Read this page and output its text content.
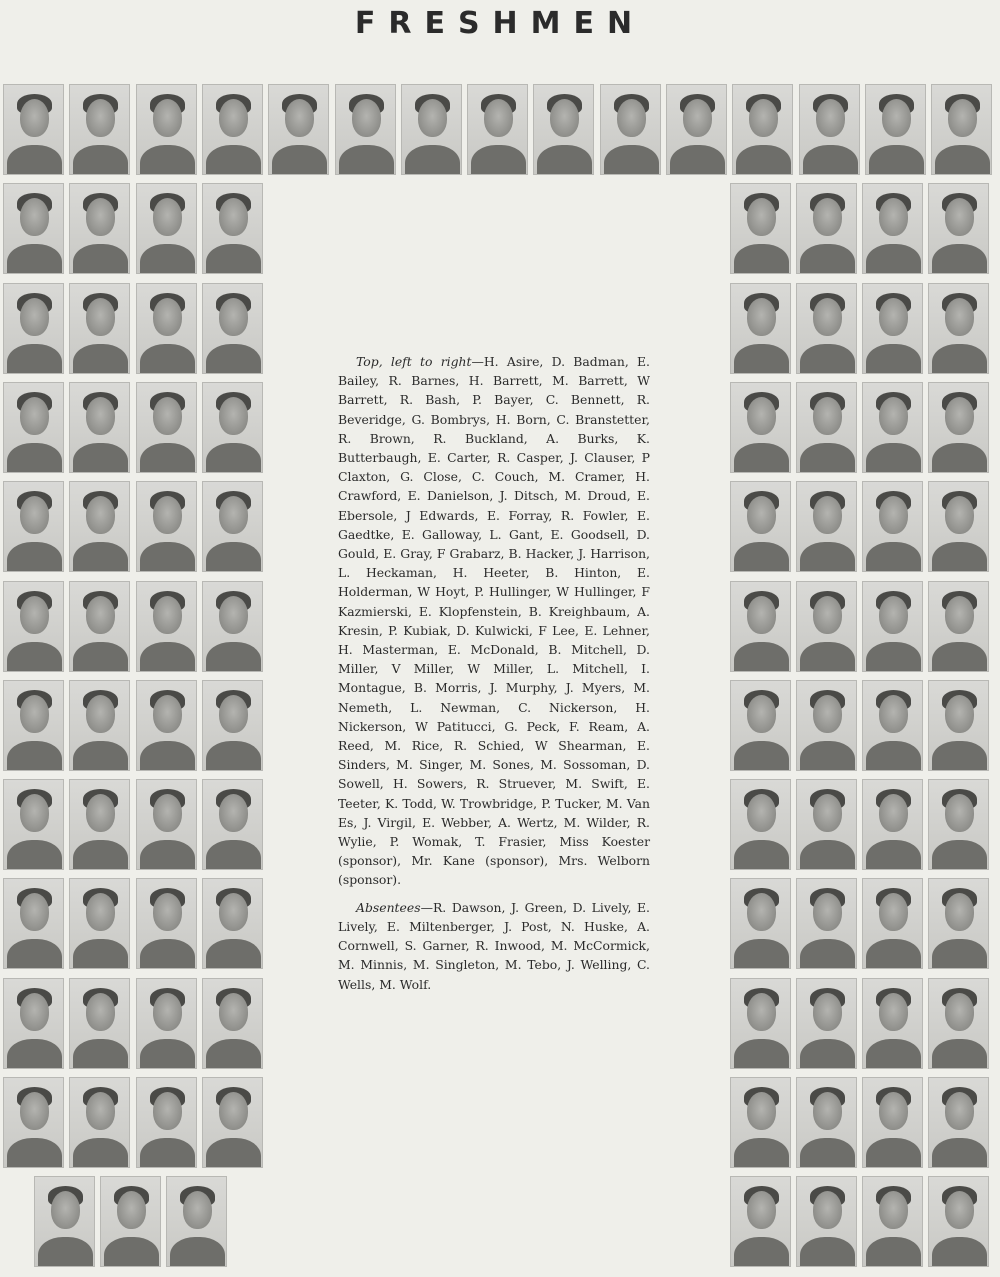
FRESHMEN

Top, left to right—H. Asire, D. Badman, E. Bailey, R. Barnes, H. Barrett, M. Barrett, W Barrett, R. Bash, P. Bayer, C. Bennett, R. Beveridge, G. Bombrys, H. Born, C. Branstetter, R. Brown, R. Buckland, A. Burks, K. Butterbaugh, E. Carter, R. Casper, J. Clauser, P Claxton, G. Close, C. Couch, M. Cramer, H. Crawford, E. Danielson, J. Ditsch, M. Droud, E. Ebersole, J Edwards, E. Forray, R. Fowler, E. Gaedtke, E. Galloway, L. Gant, E. Goodsell, D. Gould, E. Gray, F Grabarz, B. Hacker, J. Harrison, L. Heckaman, H. Heeter, B. Hinton, E. Holderman, W Hoyt, P. Hullinger, W Hullinger, F Kazmierski, E. Klopfenstein, B. Kreighbaum, A. Kresin, P. Kubiak, D. Kulwicki, F Lee, E. Lehner, H. Masterman, E. McDonald, B. Mitchell, D. Miller, V Miller, W Miller, L. Mitchell, I. Montague, B. Morris, J. Murphy, J. Myers, M. Nemeth, L. Newman, C. Nickerson, H. Nickerson, W Patitucci, G. Peck, F. Ream, A. Reed, M. Rice, R. Schied, W Shearman, E. Sinders, M. Singer, M. Sones, M. Sossoman, D. Sowell, H. Sowers, R. Struever, M. Swift, E. Teeter, K. Todd, W. Trowbridge, P. Tucker, M. Van Es, J. Virgil, E. Webber, A. Wertz, M. Wilder, R. Wylie, P. Womak, T. Frasier, Miss Koester (sponsor), Mr. Kane (sponsor), Mrs. Welborn (sponsor).

Absentees—R. Dawson, J. Green, D. Lively, E. Lively, E. Miltenberger, J. Post, N. Huske, A. Cornwell, S. Garner, R. Inwood, M. McCormick, M. Minnis, M. Singleton, M. Tebo, J. Welling, C. Wells, M. Wolf.
